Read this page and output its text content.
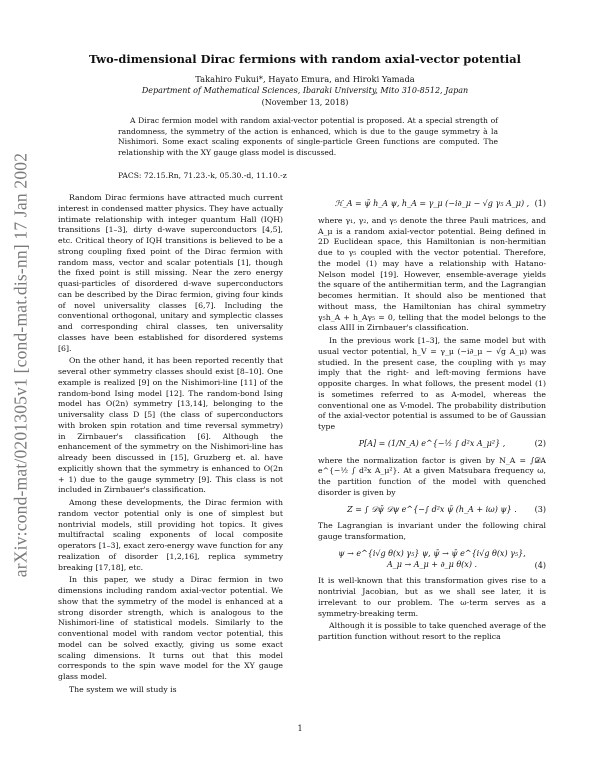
arXiv:cond-mat/0201305v1 [cond-mat.dis-nn] 17 Jan 2002
Two-dimensional Dirac fermions with random axial-vector potential
Takahiro Fukui*, Hayato Emura, and Hiroki Yamada
Department of Mathematical Sciences, Ibaraki University, Mito 310-8512, Japan
(November 13, 2018)
A Dirac fermion model with random axial-vector potential is proposed. At a special strength of randomness, the symmetry of the action is enhanced, which is due to the gauge symmetry à la Nishimori. Some exact scaling exponents of single-particle Green functions are computed. The relationship with the XY gauge glass model is discussed.
PACS: 72.15.Rn, 71.23.-k, 05.30.-d, 11.10.-z

Random Dirac fermions have attracted much current interest in condensed matter physics. They have actually intimate relationship with integer quantum Hall (IQH) transitions [1–3], dirty d-wave superconductors [4,5], etc. Critical theory of IQH transitions is believed to be a strong coupling fixed point of the Dirac fermion with random mass, vector and scalar potentials [1], though the fixed point is still missing. Near the zero energy quasi-particles of disordered d-wave superconductors can be described by the Dirac fermion, giving four kinds of novel universality classes [6,7]. Including the conventional orthogonal, unitary and symplectic classes and corresponding chiral classes, ten universality classes have been established for disordered systems [6].

On the other hand, it has been reported recently that several other symmetry classes should exist [8–10]. One example is realized [9] on the Nishimori-line [11] of the random-bond Ising model [12]. The random-bond Ising model has O(2n) symmetry [13,14], belonging to the universality class D [5] (the class of superconductors with broken spin rotation and time reversal symmetry) in Zirnbauer's classification [6]. Although the enhancement of the symmetry on the Nishimori-line has already been discussed in [15], Gruzberg et. al. have explicitly shown that the symmetry is enhanced to O(2n + 1) due to the gauge symmetry [9]. This class is not included in Zirnbauer's classification.

Among these developments, the Dirac fermion with random vector potential only is one of simplest but nontrivial models, still providing hot topics. It gives multifractal scaling exponents of local composite operators [1–3], exact zero-energy wave function for any realization of disorder [1,2,16], replica symmetry breaking [17,18], etc.

In this paper, we study a Dirac fermion in two dimensions including random axial-vector potential. We show that the symmetry of the model is enhanced at a strong disorder strength, which is analogous to the Nishimori-line of statistical models. Similarly to the conventional model with random vector potential, this model can be solved exactly, giving us some exact scaling dimensions. It turns out that this model corresponds to the spin wave model for the XY gauge glass model.

The system we will study is

ℋ_A = ψ̄ h_A ψ, h_A = γ_μ (−i∂_μ − √g γ₅ A_μ) , (1)

where γ₁, γ₂, and γ₅ denote the three Pauli matrices, and A_μ is a random axial-vector potential. Being defined in 2D Euclidean space, this Hamiltonian is non-hermitian due to γ₅ coupled with the vector potential. Therefore, the model (1) may have a relationship with Hatano-Nelson model [19]. However, ensemble-average yields the square of the antihermitian term, and the Lagrangian becomes hermitian. It should also be mentioned that without mass, the Hamiltonian has chiral symmetry γ₅h_A + h_Aγ₅ = 0, telling that the model belongs to the class AIII in Zirnbauer's classification.

In the previous work [1–3], the same model but with usual vector potential, h_V = γ_μ (−i∂_μ − √g A_μ) was studied. In the present case, the coupling with γ₅ may imply that the right- and left-moving fermions have opposite charges. In what follows, the present model (1) is sometimes referred to as A-model, whereas the conventional one as V-model. The probability distribution of the axial-vector potential is assumed to be of Gaussian type

P[A] = (1/N_A) e^{−½ ∫ d²x A_μ²} ,	(2)

where the normalization factor is given by N_A = ∫𝒟A e^{−½ ∫ d²x A_μ²}. At a given Matsubara frequency ω, the partition function of the model with quenched disorder is given by

Z = ∫ 𝒟ψ̄ 𝒟ψ e^{−∫ d²x ψ̄ (h_A + iω) ψ} . (3)

The Lagrangian is invariant under the following chiral gauge transformation,

ψ → e^{i√g θ(x) γ₅} ψ, ψ̄ → ψ̄ e^{i√g θ(x) γ₅},
A_μ → A_μ + ∂_μ θ(x) .	(4)

It is well-known that this transformation gives rise to a nontrivial Jacobian, but as we shall see later, it is irrelevant to our problem. The ω-term serves as a symmetry-breaking term.

Although it is possible to take quenched average of the partition function without resort to the replica

1
